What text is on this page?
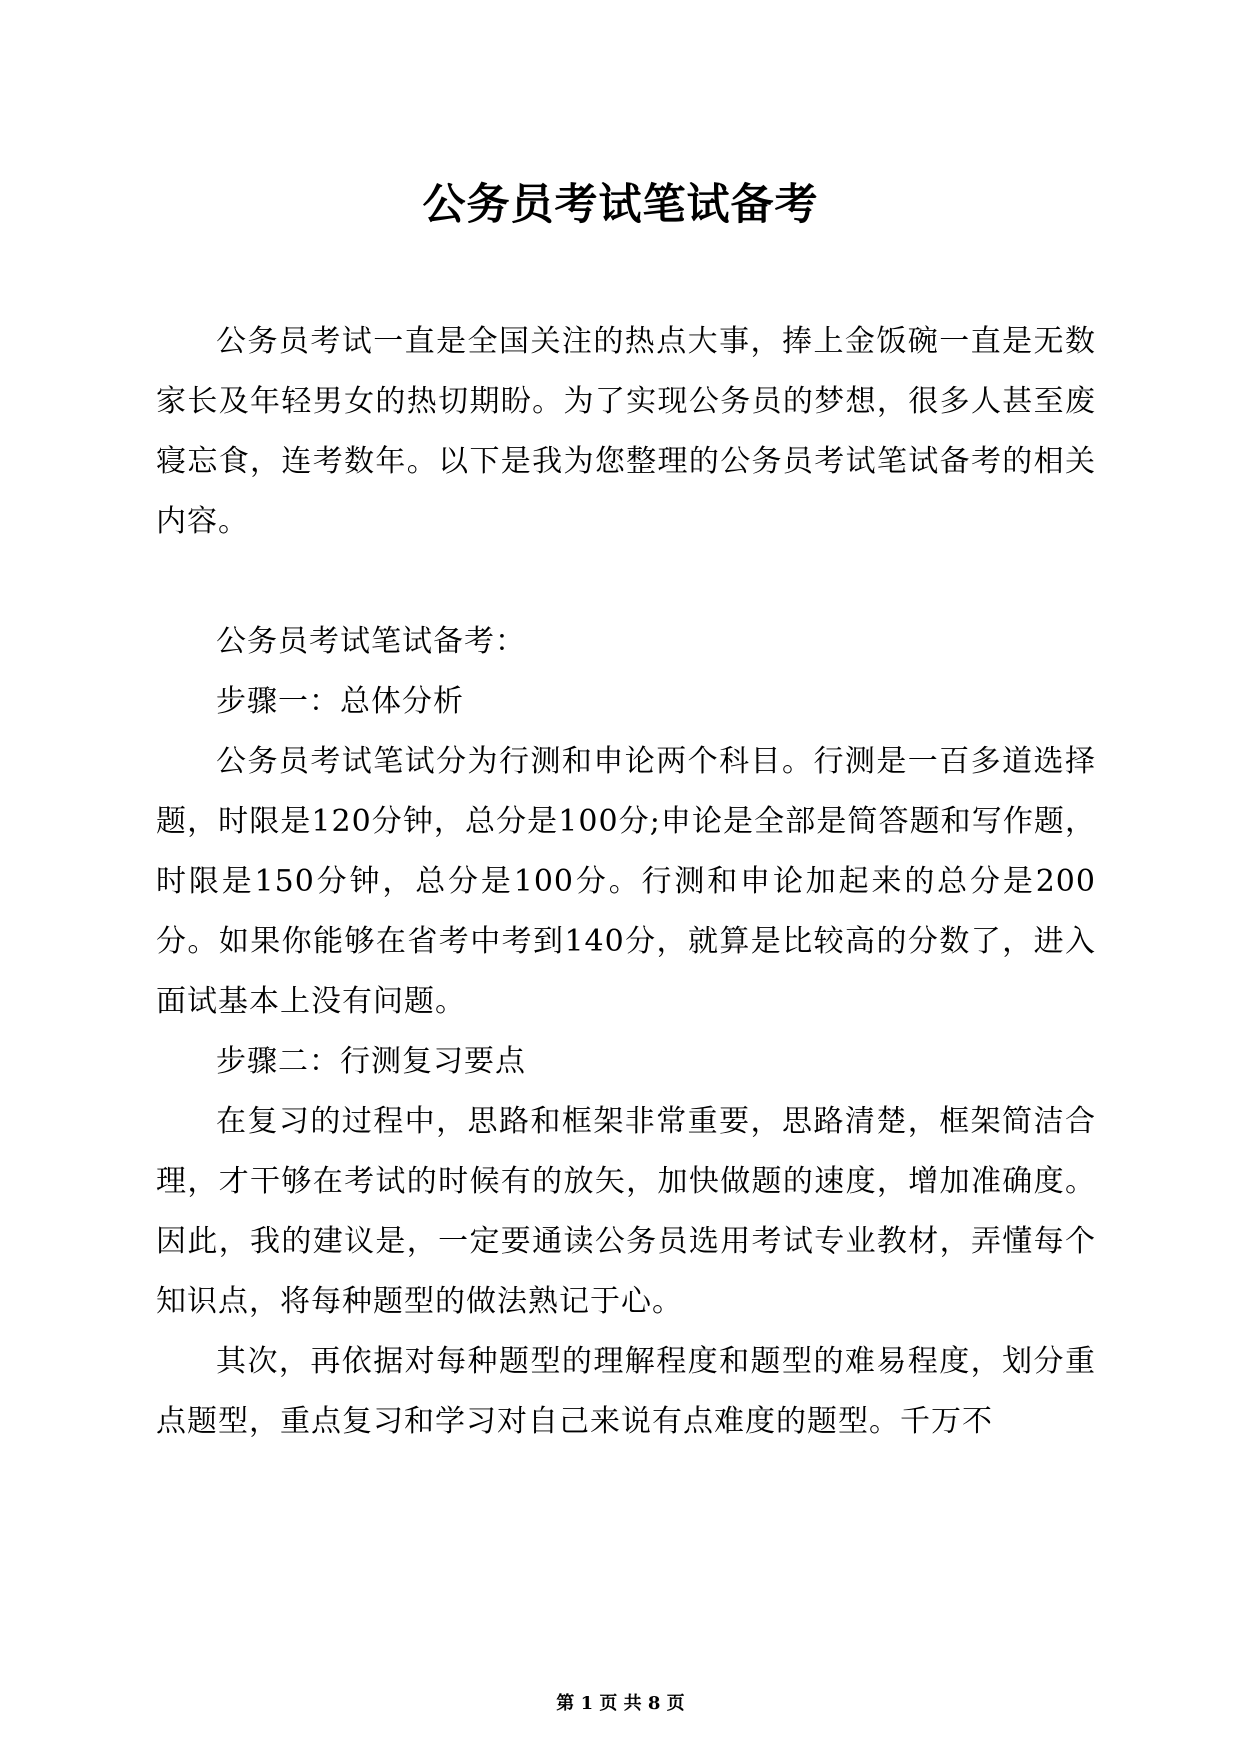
公务员考试笔试备考

公务员考试一直是全国关注的热点大事，捧上金饭碗一直是无数家长及年轻男女的热切期盼。为了实现公务员的梦想，很多人甚至废寝忘食，连考数年。以下是我为您整理的公务员考试笔试备考的相关内容。

公务员考试笔试备考：

步骤一：总体分析

公务员考试笔试分为行测和申论两个科目。行测是一百多道选择题，时限是120分钟，总分是100分;申论是全部是简答题和写作题，时限是150分钟，总分是100分。行测和申论加起来的总分是200分。如果你能够在省考中考到140分，就算是比较高的分数了，进入面试基本上没有问题。

步骤二：行测复习要点

在复习的过程中，思路和框架非常重要，思路清楚，框架简洁合理，才干够在考试的时候有的放矢，加快做题的速度，增加准确度。因此，我的建议是，一定要通读公务员选用考试专业教材，弄懂每个知识点，将每种题型的做法熟记于心。

其次，再依据对每种题型的理解程度和题型的难易程度，划分重点题型，重点复习和学习对自己来说有点难度的题型。千万不

第 1 页 共 8 页
